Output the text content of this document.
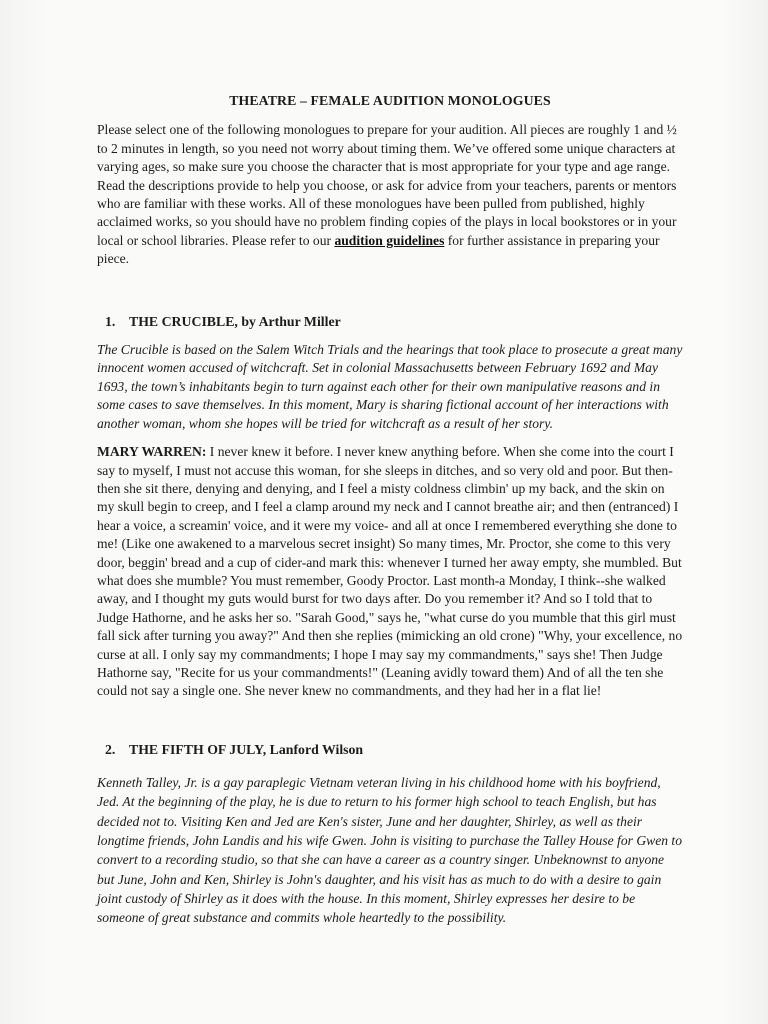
THEATRE – FEMALE AUDITION MONOLOGUES

Please select one of the following monologues to prepare for your audition. All pieces are roughly 1 and ½ to 2 minutes in length, so you need not worry about timing them. We’ve offered some unique characters at varying ages, so make sure you choose the character that is most appropriate for your type and age range. Read the descriptions provide to help you choose, or ask for advice from your teachers, parents or mentors who are familiar with these works. All of these monologues have been pulled from published, highly acclaimed works, so you should have no problem finding copies of the plays in local bookstores or in your local or school libraries. Please refer to our audition guidelines for further assistance in preparing your piece.

1. THE CRUCIBLE, by Arthur Miller

The Crucible is based on the Salem Witch Trials and the hearings that took place to prosecute a great many innocent women accused of witchcraft. Set in colonial Massachusetts between February 1692 and May 1693, the town’s inhabitants begin to turn against each other for their own manipulative reasons and in some cases to save themselves. In this moment, Mary is sharing fictional account of her interactions with another woman, whom she hopes will be tried for witchcraft as a result of her story.

MARY WARREN: I never knew it before. I never knew anything before. When she come into the court I say to myself, I must not accuse this woman, for she sleeps in ditches, and so very old and poor. But then- then she sit there, denying and denying, and I feel a misty coldness climbin' up my back, and the skin on my skull begin to creep, and I feel a clamp around my neck and I cannot breathe air; and then (entranced) I hear a voice, a screamin' voice, and it were my voice- and all at once I remembered everything she done to me! (Like one awakened to a marvelous secret insight) So many times, Mr. Proctor, she come to this very door, beggin' bread and a cup of cider-and mark this: whenever I turned her away empty, she mumbled. But what does she mumble? You must remember, Goody Proctor. Last month-a Monday, I think--she walked away, and I thought my guts would burst for two days after. Do you remember it? And so I told that to Judge Hathorne, and he asks her so. "Sarah Good," says he, "what curse do you mumble that this girl must fall sick after turning you away?" And then she replies (mimicking an old crone) "Why, your excellence, no curse at all. I only say my commandments; I hope I may say my commandments," says she! Then Judge Hathorne say, "Recite for us your commandments!" (Leaning avidly toward them) And of all the ten she could not say a single one. She never knew no commandments, and they had her in a flat lie!

2. THE FIFTH OF JULY, Lanford Wilson

Kenneth Talley, Jr. is a gay paraplegic Vietnam veteran living in his childhood home with his boyfriend, Jed. At the beginning of the play, he is due to return to his former high school to teach English, but has decided not to. Visiting Ken and Jed are Ken's sister, June and her daughter, Shirley, as well as their longtime friends, John Landis and his wife Gwen. John is visiting to purchase the Talley House for Gwen to convert to a recording studio, so that she can have a career as a country singer. Unbeknownst to anyone but June, John and Ken, Shirley is John's daughter, and his visit has as much to do with a desire to gain joint custody of Shirley as it does with the house. In this moment, Shirley expresses her desire to be someone of great substance and commits whole heartedly to the possibility.
